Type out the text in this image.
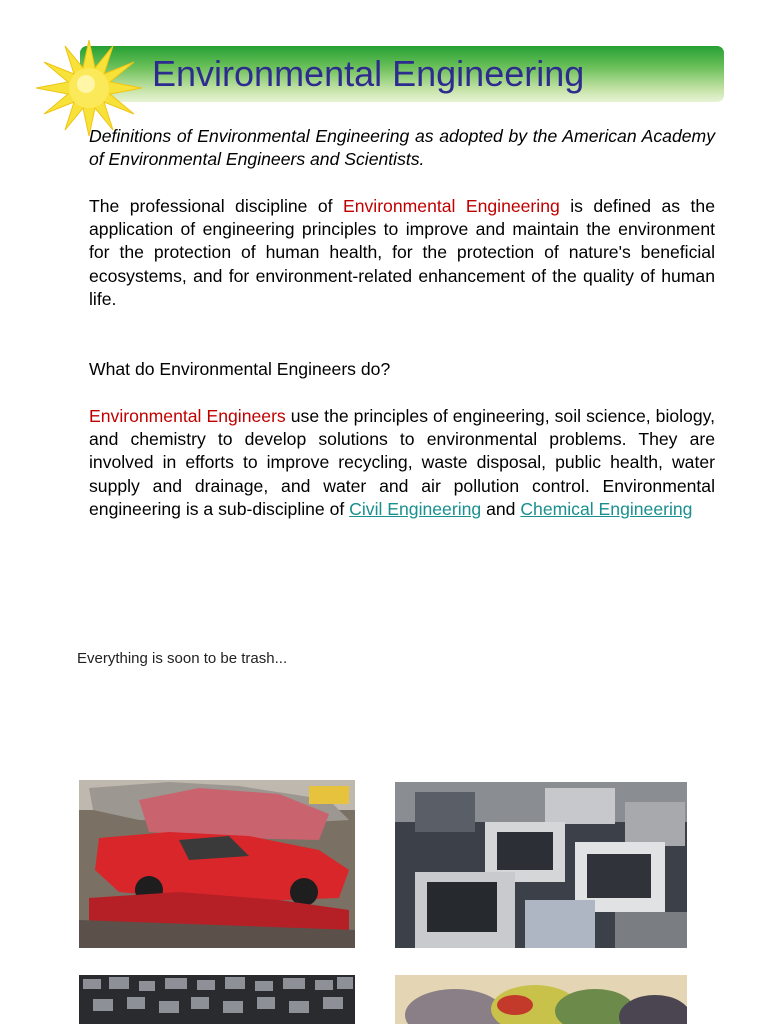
Environmental Engineering
Definitions of Environmental Engineering as adopted by the American Academy of Environmental Engineers and Scientists.
The professional discipline of Environmental Engineering is defined as the application of engineering principles to improve and maintain the environment for the protection of human health, for the protection of nature's beneficial ecosystems, and for environment-related enhancement of the quality of human life.
What do Environmental Engineers do?
Environmental Engineers use the principles of engineering, soil science, biology, and chemistry to develop solutions to environmental problems. They are involved in efforts to improve recycling, waste disposal, public health, water supply and drainage, and water and air pollution control. Environmental engineering is a sub-discipline of Civil Engineering and Chemical Engineering
Everything is soon to be trash...
